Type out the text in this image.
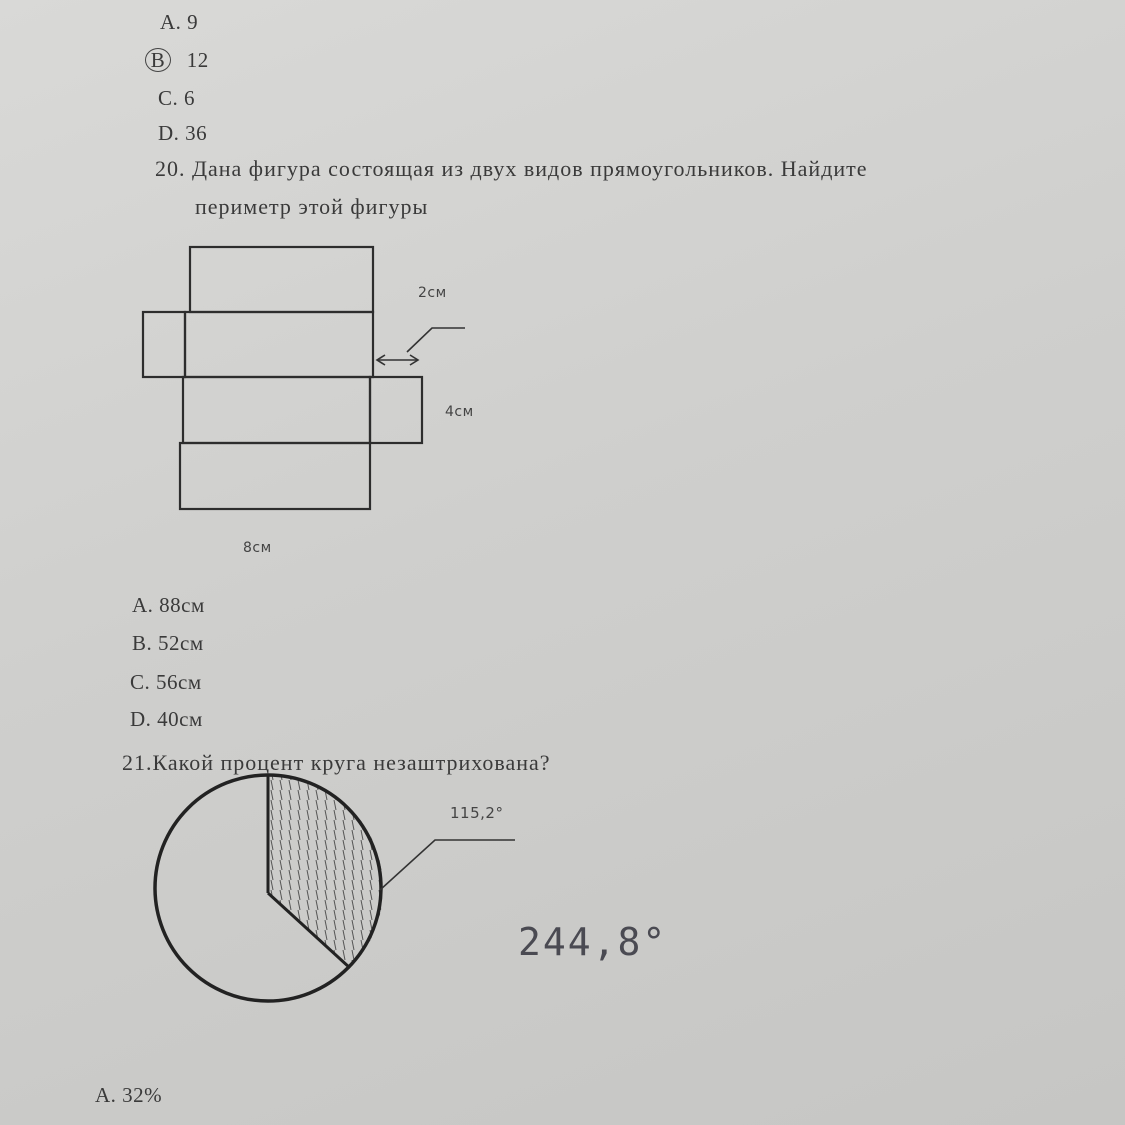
A. 9
B 12
C. 6
D. 36
20. Дана фигура состоящая из двух видов прямоугольников. Найдите
периметр этой фигуры
2см
4см
8см
A. 88см
B. 52см
C. 56см
D. 40см
21.Какой процент круга незаштрихована?
115,2°
244,8°
A. 32%
